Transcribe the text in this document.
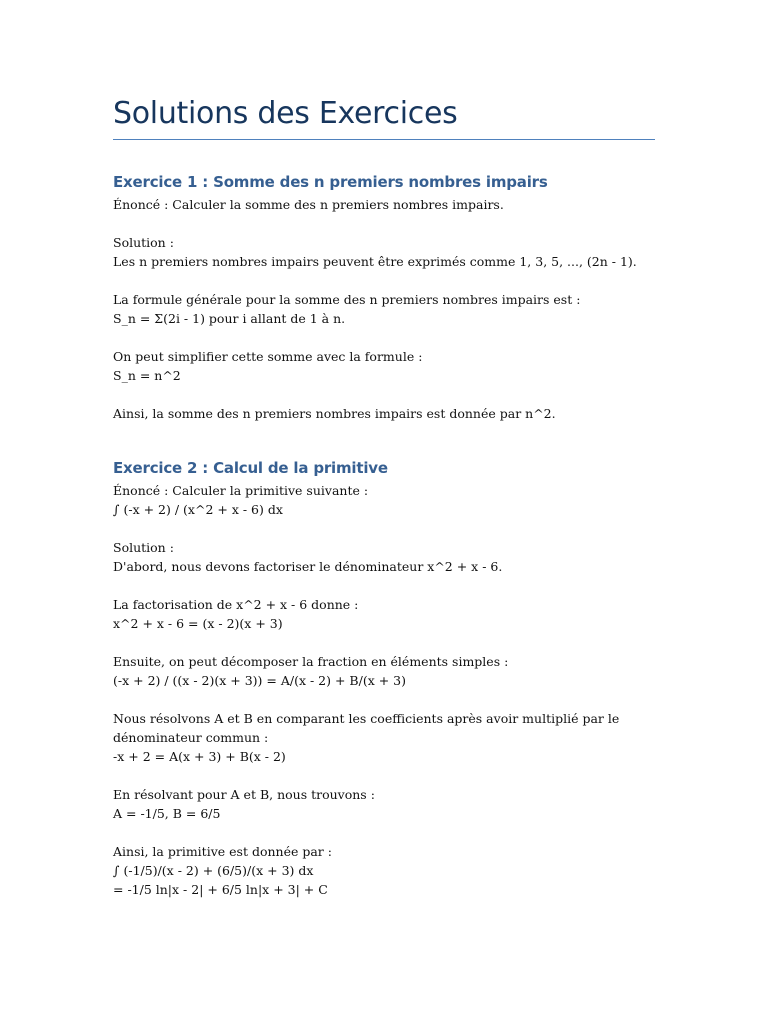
Solutions des Exercices
Exercice 1 : Somme des n premiers nombres impairs

Énoncé : Calculer la somme des n premiers nombres impairs.

Solution :

Les n premiers nombres impairs peuvent être exprimés comme 1, 3, 5, ..., (2n - 1).

La formule générale pour la somme des n premiers nombres impairs est :

S_n = Σ(2i - 1) pour i allant de 1 à n.

On peut simplifier cette somme avec la formule :

S_n = n^2

Ainsi, la somme des n premiers nombres impairs est donnée par n^2.

Exercice 2 : Calcul de la primitive

Énoncé : Calculer la primitive suivante :

∫ (-x + 2) / (x^2 + x - 6) dx

Solution :

D'abord, nous devons factoriser le dénominateur x^2 + x - 6.

La factorisation de x^2 + x - 6 donne :

x^2 + x - 6 = (x - 2)(x + 3)

Ensuite, on peut décomposer la fraction en éléments simples :

(-x + 2) / ((x - 2)(x + 3)) = A/(x - 2) + B/(x + 3)

Nous résolvons A et B en comparant les coefficients après avoir multiplié par le

dénominateur commun :

-x + 2 = A(x + 3) + B(x - 2)

En résolvant pour A et B, nous trouvons :

A = -1/5, B = 6/5

Ainsi, la primitive est donnée par :

∫ (-1/5)/(x - 2) + (6/5)/(x + 3) dx

= -1/5 ln|x - 2| + 6/5 ln|x + 3| + C
